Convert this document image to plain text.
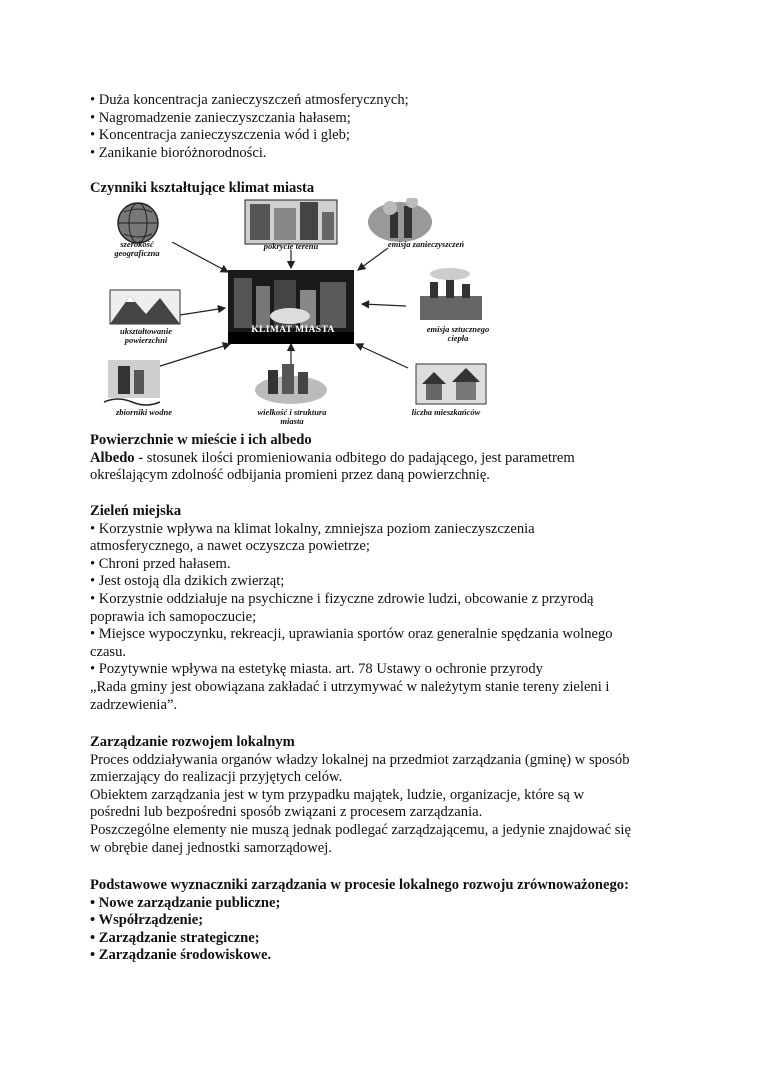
• Duża koncentracja zanieczyszczeń atmosferycznych;
• Nagromadzenie zanieczyszczania hałasem;
• Koncentracja zanieczyszczenia wód i gleb;
• Zanikanie bioróżnorodności.
Czynniki kształtujące klimat miasta
szerokość
geograficzna
pokrycie terenu	emisja zanieczyszczeń
ukształtowanie
powierzchni
emisja sztucznego
ciepła
zbiorniki wodne	wielkość i struktura
miasta
liczba mieszkańców
KLIMAT MIASTA
Powierzchnie w mieście i ich albedo
Albedo - stosunek ilości promieniowania odbitego do padającego, jest parametrem
określającym zdolność odbijania promieni przez daną powierzchnię.
Zieleń miejska
• Korzystnie wpływa na klimat lokalny, zmniejsza poziom zanieczyszczenia
atmosferycznego, a nawet oczyszcza powietrze;
• Chroni przed hałasem.
• Jest ostoją dla dzikich zwierząt;
• Korzystnie oddziałuje na psychiczne i fizyczne zdrowie ludzi, obcowanie z przyrodą
poprawia ich samopoczucie;
• Miejsce wypoczynku, rekreacji, uprawiania sportów oraz generalnie spędzania wolnego
czasu.
• Pozytywnie wpływa na estetykę miasta. art. 78 Ustawy o ochronie przyrody
„Rada gminy jest obowiązana zakładać i utrzymywać w należytym stanie tereny zieleni i
zadrzewienia”.
Zarządzanie rozwojem lokalnym
Proces oddziaływania organów władzy lokalnej na przedmiot zarządzania (gminę) w sposób
zmierzający do realizacji przyjętych celów.
Obiektem zarządzania jest w tym przypadku majątek, ludzie, organizacje, które są w
pośredni lub bezpośredni sposób związani z procesem zarządzania.
Poszczególne elementy nie muszą jednak podlegać zarządzającemu, a jedynie znajdować się
w obrębie danej jednostki samorządowej.
Podstawowe wyznaczniki zarządzania w procesie lokalnego rozwoju zrównoważonego:
• Nowe zarządzanie publiczne;
• Współrządzenie;
• Zarządzanie strategiczne;
• Zarządzanie środowiskowe.
